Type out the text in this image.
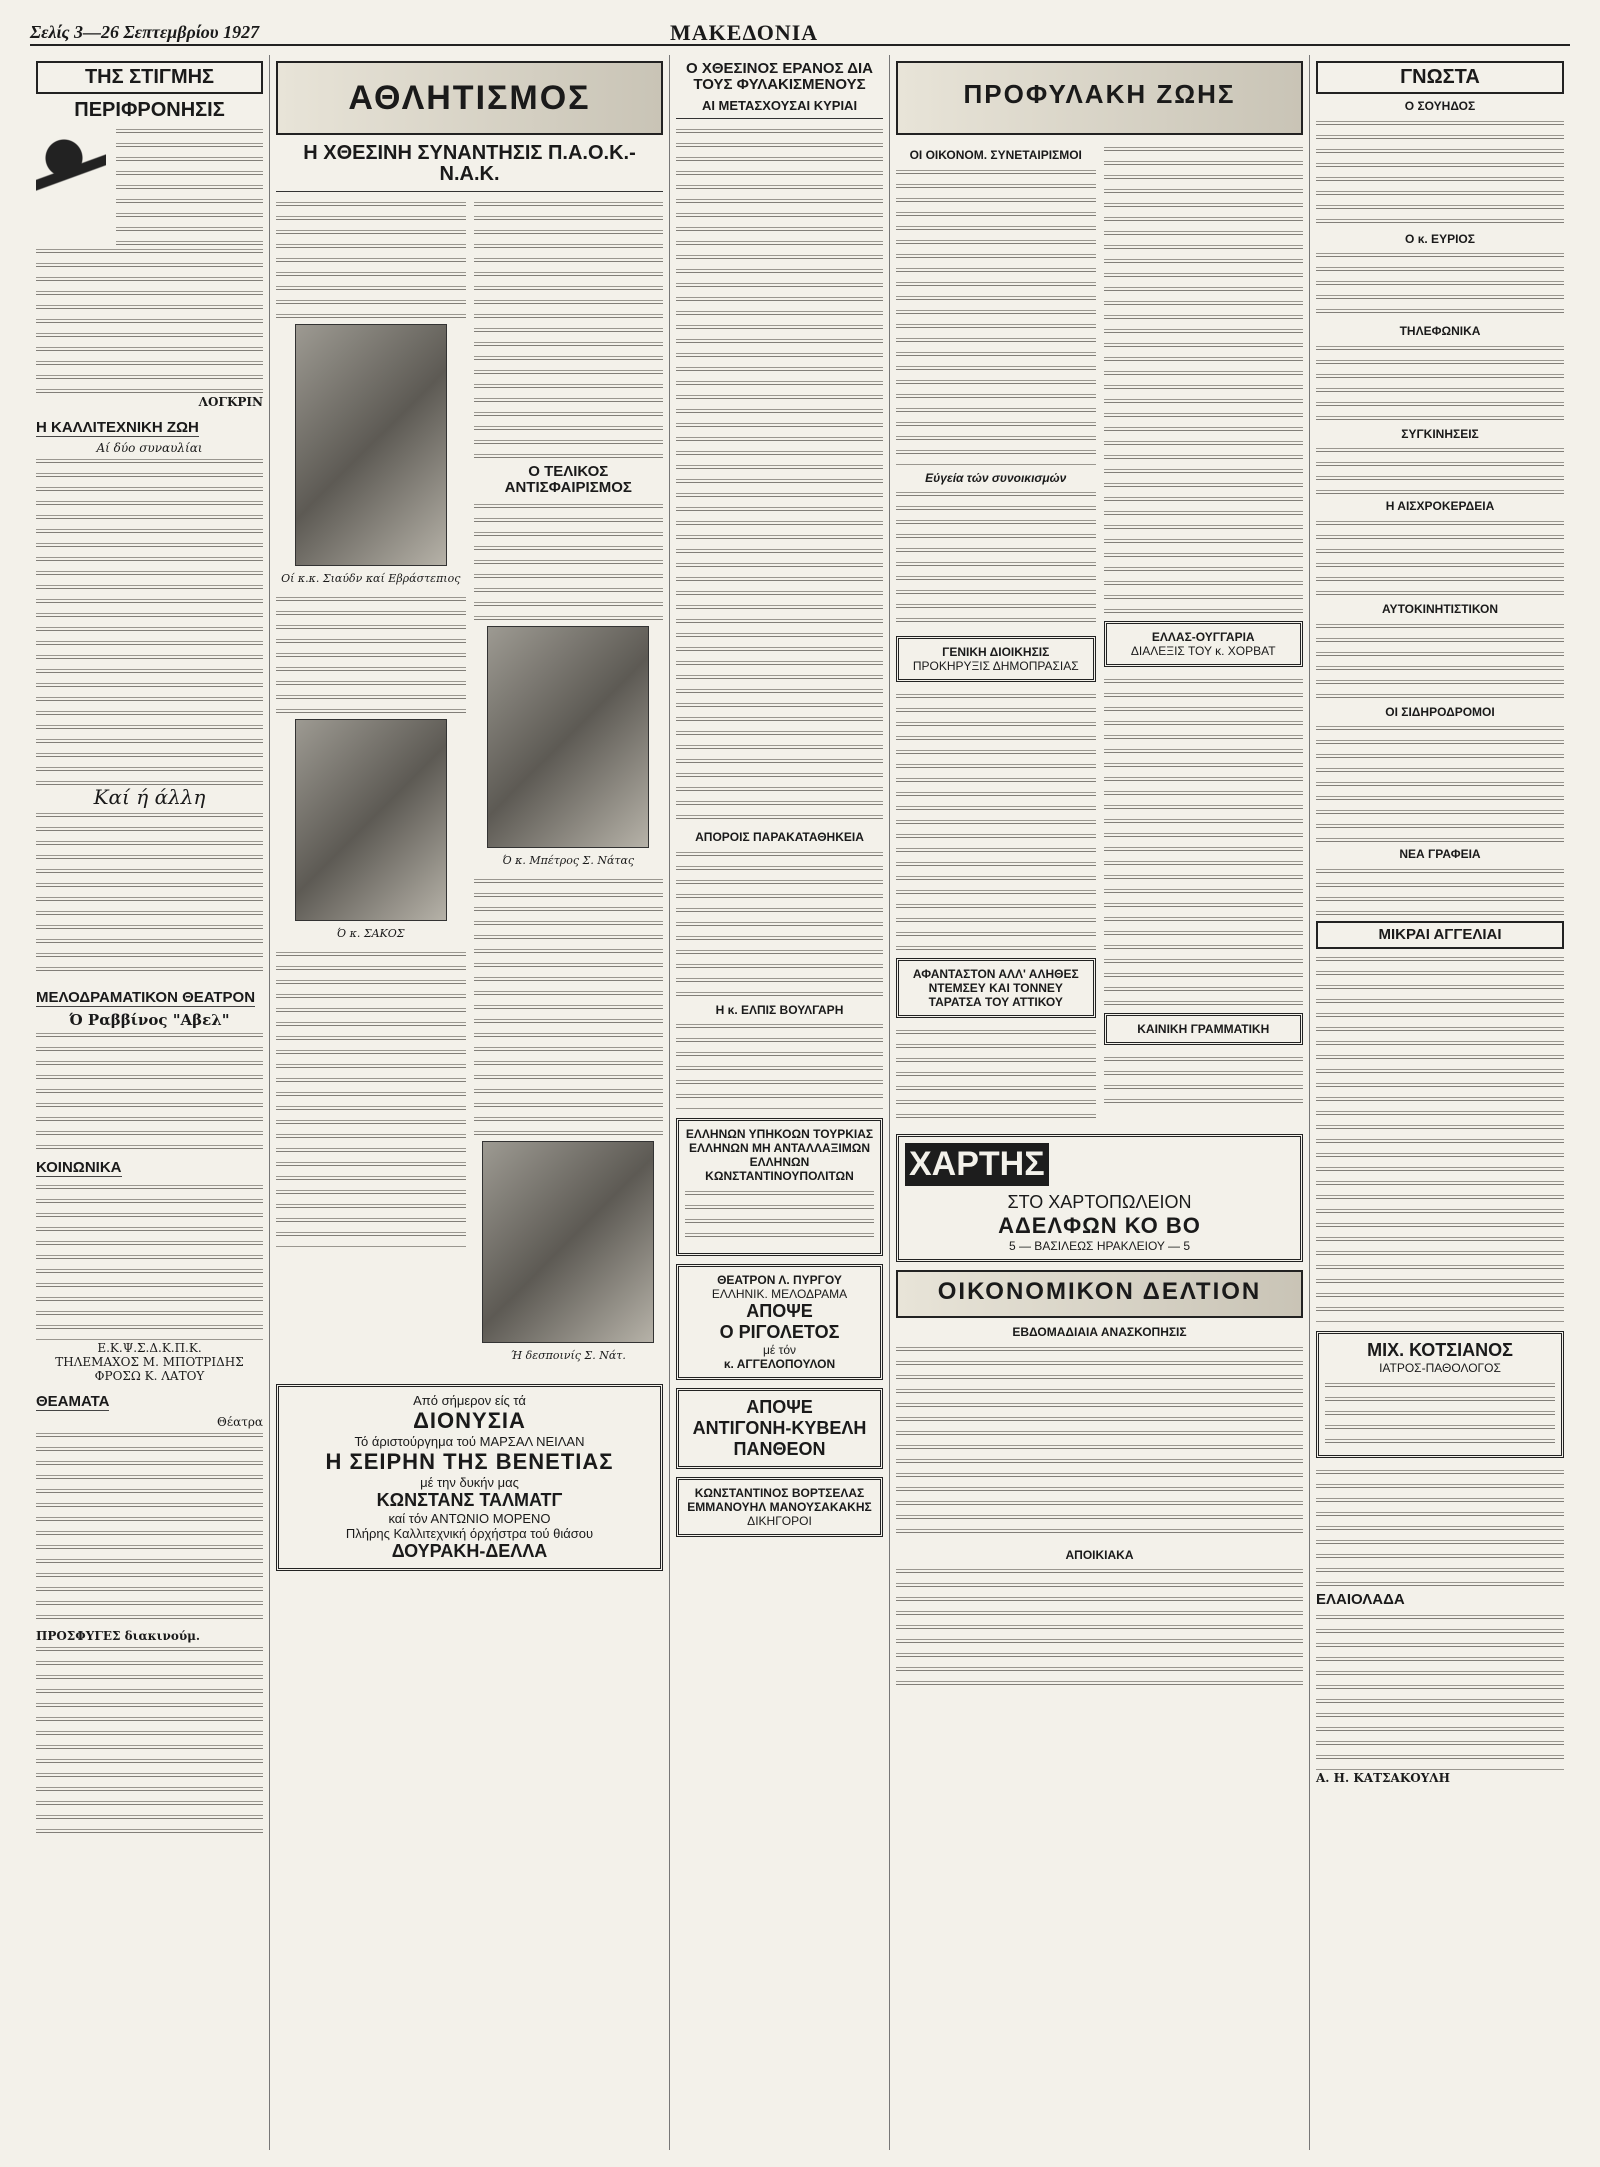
Σελίς 3—26 Σεπτεμβρίου 1927	ΜΑΚΕΔΟΝΙΑ
ΤΗΣ ΣΤΙΓΜΗΣ
ΠΕΡΙΦΡΟΝΗΣΙΣ
ΛΟΓΚΡΙΝ
Η ΚΑΛΛΙΤΕΧΝΙΚΗ ΖΩΗ
Αί δύο συναυλίαι
Καί ή άλλη
ΜΕΛΟΔΡΑΜΑΤΙΚΟΝ ΘΕΑΤΡΟΝ
Ό Ραββίνος "Αβελ"
ΚΟΙΝΩΝΙΚΑ
Ε.Κ.Ψ.Σ.Δ.Κ.Π.Κ.
ΤΗΛΕΜΑΧΟΣ Μ. ΜΠΟΤΡΙΔΗΣ
ΦΡΟΣΩ Κ. ΛΑΤΟΥ
ΘΕΑΜΑΤΑ
Θέατρα
ΠΡΟΣΦΥΓΕΣ διακινούμ.
ΑΘΛΗΤΙΣΜΟΣ
Η ΧΘΕΣΙΝΗ ΣΥΝΑΝΤΗΣΙΣ Π.Α.Ο.Κ.-Ν.Α.Κ.
Οί κ.κ. Σιαύδν καί Εβράστεπιος
Ό κ. ΣΑΚΟΣ
Ο ΤΕΛΙΚΟΣ ΑΝΤΙΣΦΑΙΡΙΣΜΟΣ
Ό κ. Μπέτρος Σ. Νάτας
Ή δεσποινίς Σ. Νάτ.
Από σήμερον είς τά
ΔΙΟΝΥΣΙΑ
Τό άριστούργημα τού ΜΑΡΣΑΛ ΝΕΙΛΑΝ
Η ΣΕΙΡΗΝ ΤΗΣ ΒΕΝΕΤΙΑΣ
μέ την δυκήν μας
ΚΩΝΣΤΑΝΣ ΤΑΛΜΑΤΓ
καί τόν ΑΝΤΩΝΙΟ ΜΟΡΕΝΟ
Πλήρης Καλλιτεχνική όρχήστρα τού θιάσου
ΔΟΥΡΑΚΗ-ΔΕΛΛΑ
Ο ΧΘΕΣΙΝΟΣ ΕΡΑΝΟΣ ΔΙΑ ΤΟΥΣ ΦΥΛΑΚΙΣΜΕΝΟΥΣ
ΑΙ ΜΕΤΑΣΧΟΥΣΑΙ ΚΥΡΙΑΙ
ΑΠΟΡΟΙΣ ΠΑΡΑΚΑΤΑΘΗΚΕΙΑ
Η κ. ΕΛΠΙΣ ΒΟΥΛΓΑΡΗ
ΕΛΛΗΝΩΝ ΥΠΗΚΟΩΝ ΤΟΥΡΚΙΑΣ ΕΛΛΗΝΩΝ ΜΗ ΑΝΤΑΛΛΑΞΙΜΩΝ ΕΛΛΗΝΩΝ ΚΩΝΣΤΑΝΤΙΝΟΥΠΟΛΙΤΩΝ
ΘΕΑΤΡΟΝ Λ. ΠΥΡΓΟΥ
ΕΛΛΗΝΙΚ. ΜΕΛΟΔΡΑΜΑ
ΑΠΟΨΕ
Ο ΡΙΓΟΛΕΤΟΣ
μέ τόν
κ. ΑΓΓΕΛΟΠΟΥΛΟΝ
ΑΠΟΨΕ
ΑΝΤΙΓΟΝΗ-ΚΥΒΕΛΗ
ΠΑΝΘΕΟΝ
ΚΩΝΣΤΑΝΤΙΝΟΣ ΒΟΡΤΣΕΛΑΣ
ΕΜΜΑΝΟΥΗΛ ΜΑΝΟΥΣΑΚΑΚΗΣ
ΔΙΚΗΓΟΡΟΙ
ΠΡΟΦΥΛΑΚΗ ΖΩΗΣ
ΟΙ ΟΙΚΟΝΟΜ. ΣΥΝΕΤΑΙΡΙΣΜΟΙ
Εύγεία τών συνοικισμών
ΓΕΝΙΚΗ ΔΙΟΙΚΗΣΙΣ
ΠΡΟΚΗΡΥΞΙΣ ΔΗΜΟΠΡΑΣΙΑΣ
ΑΦΑΝΤΑΣΤΟΝ ΑΛΛ' ΑΛΗΘΕΣ
ΝΤΕΜΣΕΥ ΚΑΙ ΤΟΝΝΕΥ
ΤΑΡΑΤΣΑ ΤΟΥ ΑΤΤΙΚΟΥ
ΕΛΛΑΣ-ΟΥΓΓΑΡΙΑ
ΔΙΑΛΕΞΙΣ ΤΟΥ κ. ΧΟΡΒΑΤ
ΚΑΙΝΙΚΗ ΓΡΑΜΜΑΤΙΚΗ
ΧΑΡΤΗΣ
ΣΤΟ ΧΑΡΤΟΠΩΛΕΙΟΝ
ΑΔΕΛΦΩΝ ΚΟ ΒΟ
5 — ΒΑΣΙΛΕΩΣ ΗΡΑΚΛΕΙΟΥ — 5
ΟΙΚΟΝΟΜΙΚΟΝ ΔΕΛΤΙΟΝ
ΕΒΔΟΜΑΔΙΑΙΑ ΑΝΑΣΚΟΠΗΣΙΣ
ΑΠΟΙΚΙΑΚΑ
ΓΝΩΣΤΑ
Ο ΣΟΥΗΔΟΣ
Ο κ. ΕΥΡΙΟΣ
ΤΗΛΕΦΩΝΙΚΑ
ΣΥΓΚΙΝΗΣΕΙΣ
Η ΑΙΣΧΡΟΚΕΡΔΕΙΑ
ΑΥΤΟΚΙΝΗΤΙΣΤΙΚΟΝ
ΟΙ ΣΙΔΗΡΟΔΡΟΜΟΙ
ΝΕΑ ΓΡΑΦΕΙΑ
ΜΙΚΡΑΙ ΑΓΓΕΛΙΑΙ
ΜΙΧ. ΚΟΤΣΙΑΝΟΣ
ΙΑΤΡΟΣ-ΠΑΘΟΛΟΓΟΣ
ΕΛΑΙΟΛΑΔΑ
Α. Η. ΚΑΤΣΑΚΟΥΛΗ
